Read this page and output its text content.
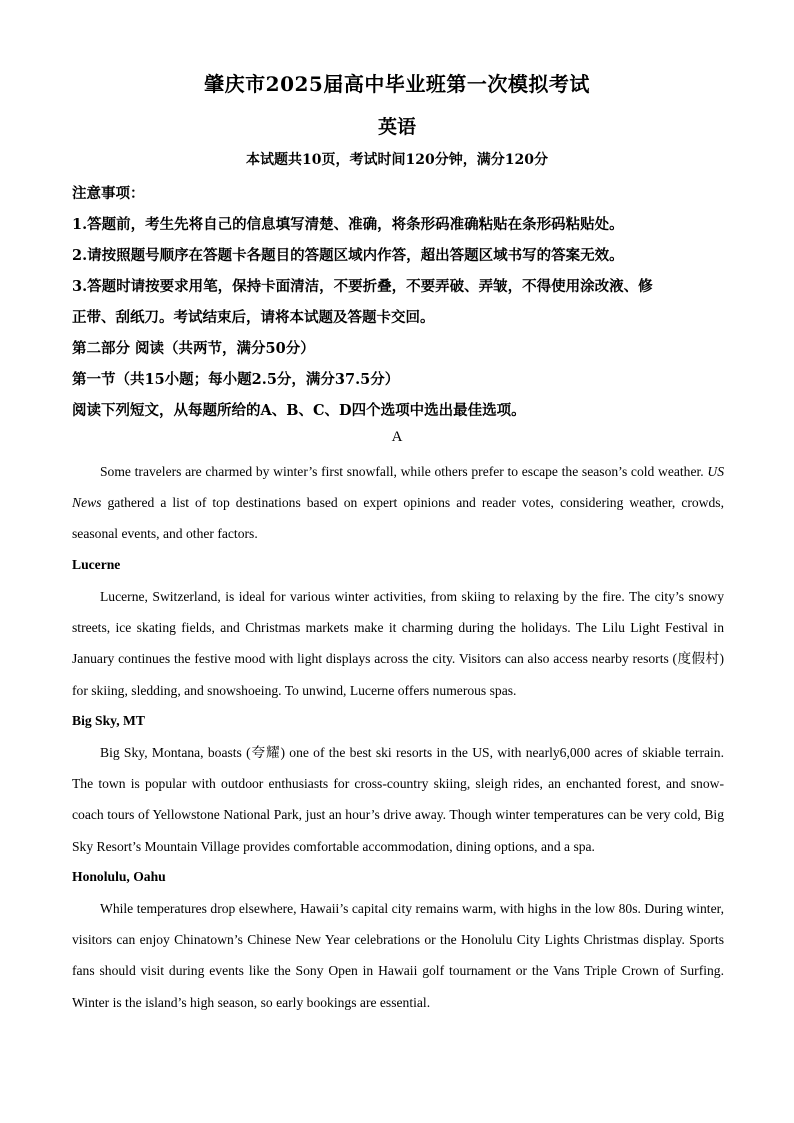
肇庆市2025届高中毕业班第一次模拟考试
英语
本试题共10页，考试时间120分钟，满分120分
注意事项：
1.答题前，考生先将自己的信息填写清楚、准确，将条形码准确粘贴在条形码粘贴处。
2.请按照题号顺序在答题卡各题目的答题区域内作答，超出答题区域书写的答案无效。
3.答题时请按要求用笔，保持卡面清洁，不要折叠，不要弄破、弄皱，不得使用涂改液、修
正带、刮纸刀。考试结束后，请将本试题及答题卡交回。
第二部分 阅读（共两节，满分50分）
第一节（共15小题；每小题2.5分，满分37.5分）
阅读下列短文，从每题所给的A、B、C、D四个选项中选出最佳选项。
A

Some travelers are charmed by winter’s first snowfall, while others prefer to escape the season’s cold weather. US News gathered a list of top destinations based on expert opinions and reader votes, considering weather, crowds, seasonal events, and other factors.

Lucerne

Lucerne, Switzerland, is ideal for various winter activities, from skiing to relaxing by the fire. The city’s snowy streets, ice skating fields, and Christmas markets make it charming during the holidays. The Lilu Light Festival in January continues the festive mood with light displays across the city. Visitors can also access nearby resorts (度假村) for skiing, sledding, and snowshoeing. To unwind, Lucerne offers numerous spas.

Big Sky, MT

Big Sky, Montana, boasts (夸耀) one of the best ski resorts in the US, with nearly6,000 acres of skiable terrain. The town is popular with outdoor enthusiasts for cross-country skiing, sleigh rides, an enchanted forest, and snow-coach tours of Yellowstone National Park, just an hour’s drive away. Though winter temperatures can be very cold, Big Sky Resort’s Mountain Village provides comfortable accommodation, dining options, and a spa.

Honolulu, Oahu

While temperatures drop elsewhere, Hawaii’s capital city remains warm, with highs in the low 80s. During winter, visitors can enjoy Chinatown’s Chinese New Year celebrations or the Honolulu City Lights Christmas display. Sports fans should visit during events like the Sony Open in Hawaii golf tournament or the Vans Triple Crown of Surfing. Winter is the island’s high season, so early bookings are essential.
